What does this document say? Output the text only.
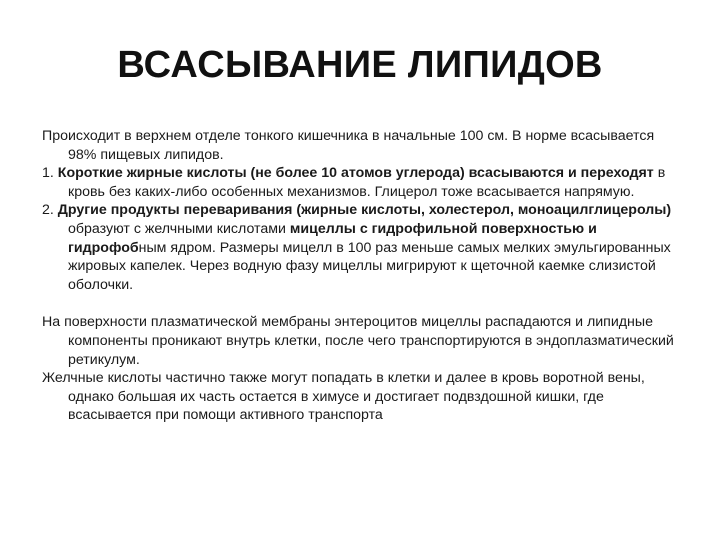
ВСАСЫВАНИЕ ЛИПИДОВ

Происходит в верхнем отделе тонкого кишечника в начальные 100 см. В норме всасывается 98% пищевых липидов.

1. Короткие жирные кислоты (не более 10 атомов углерода) всасываются и переходят в кровь без каких-либо особенных механизмов. Глицерол тоже всасывается напрямую.

2. Другие продукты переваривания (жирные кислоты, холестерол, моноацилглицеролы) образуют с желчными кислотами мицеллы с гидрофильной поверхностью и гидрофобным ядром. Размеры мицелл в 100 раз меньше самых мелких эмульгированных жировых капелек. Через водную фазу мицеллы мигрируют к щеточной каемке слизистой оболочки.

На поверхности плазматической мембраны энтероцитов мицеллы распадаются и липидные компоненты проникают внутрь клетки, после чего транспортируются в эндоплазматический ретикулум.

Желчные кислоты частично также могут попадать в клетки и далее в кровь воротной вены, однако большая их часть остается в химусе и достигает подвздошной кишки, где всасывается при помощи активного транспорта
